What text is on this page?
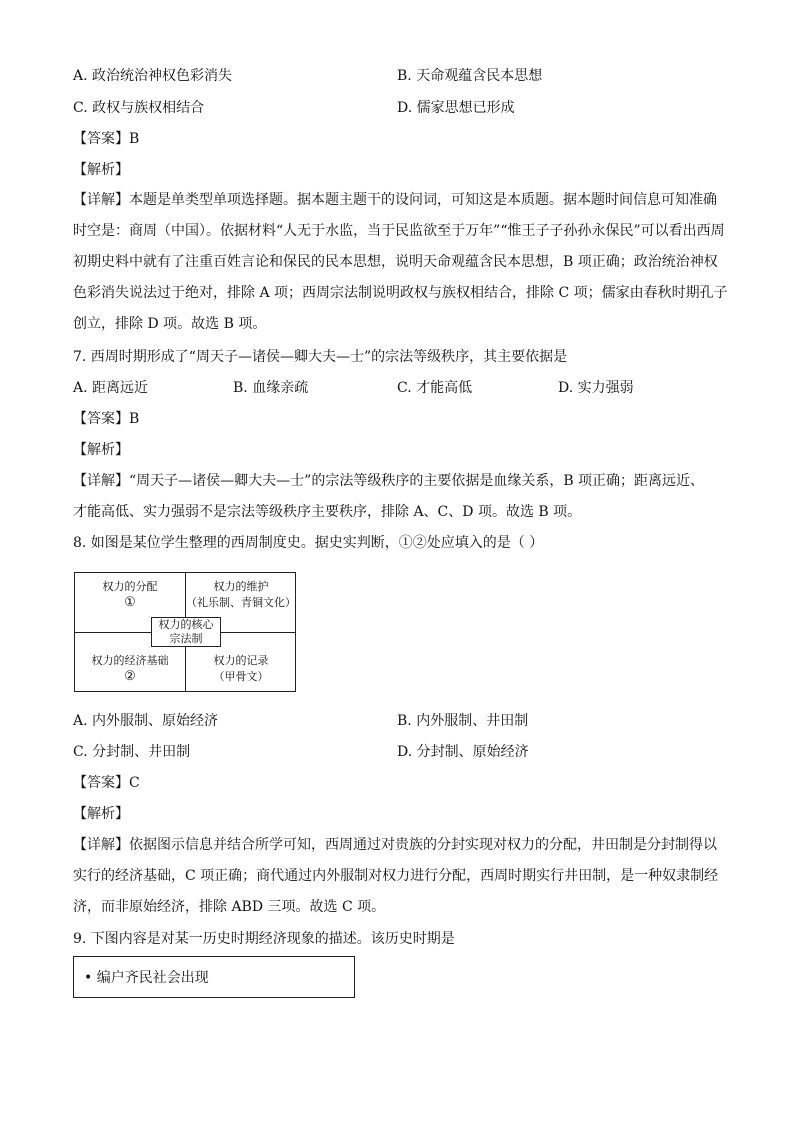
A. 政治统治神权色彩消失	B. 天命观蕴含民本思想
C. 政权与族权相结合	D. 儒家思想已形成
【答案】B
【解析】
【详解】本题是单类型单项选择题。据本题主题干的设问词，可知这是本质题。据本题时间信息可知准确
时空是：商周（中国）。依据材料“人无于水监，当于民监欲至于万年”“惟王子子孙孙永保民”可以看出西周
初期史料中就有了注重百姓言论和保民的民本思想，说明天命观蕴含民本思想，B 项正确；政治统治神权
色彩消失说法过于绝对，排除 A 项；西周宗法制说明政权与族权相结合，排除 C 项；儒家由春秋时期孔子
创立，排除 D 项。故选 B 项。
7. 西周时期形成了“周天子—诸侯—卿大夫—士”的宗法等级秩序，其主要依据是
A. 距离远近	B. 血缘亲疏	C. 才能高低	D. 实力强弱
【答案】B
【解析】
【详解】“周天子—诸侯—卿大夫—士”的宗法等级秩序的主要依据是血缘关系，B 项正确；距离远近、
才能高低、实力强弱不是宗法等级秩序主要秩序，排除 A、C、D 项。故选 B 项。
8. 如图是某位学生整理的西周制度史。据史实判断，①②处应填入的是（ ）
权力的分配
①
权力的维护
（礼乐制、青铜文化）
权力的经济基础
②
权力的记录
（甲骨文）
权力的核心
宗法制
A. 内外服制、原始经济	B. 内外服制、井田制
C. 分封制、井田制	D. 分封制、原始经济
【答案】C
【解析】
【详解】依据图示信息并结合所学可知，西周通过对贵族的分封实现对权力的分配，井田制是分封制得以
实行的经济基础，C 项正确；商代通过内外服制对权力进行分配，西周时期实行井田制，是一种奴隶制经
济，而非原始经济，排除 ABD 三项。故选 C 项。
9. 下图内容是对某一历史时期经济现象的描述。该历史时期是
• 编户齐民社会出现
